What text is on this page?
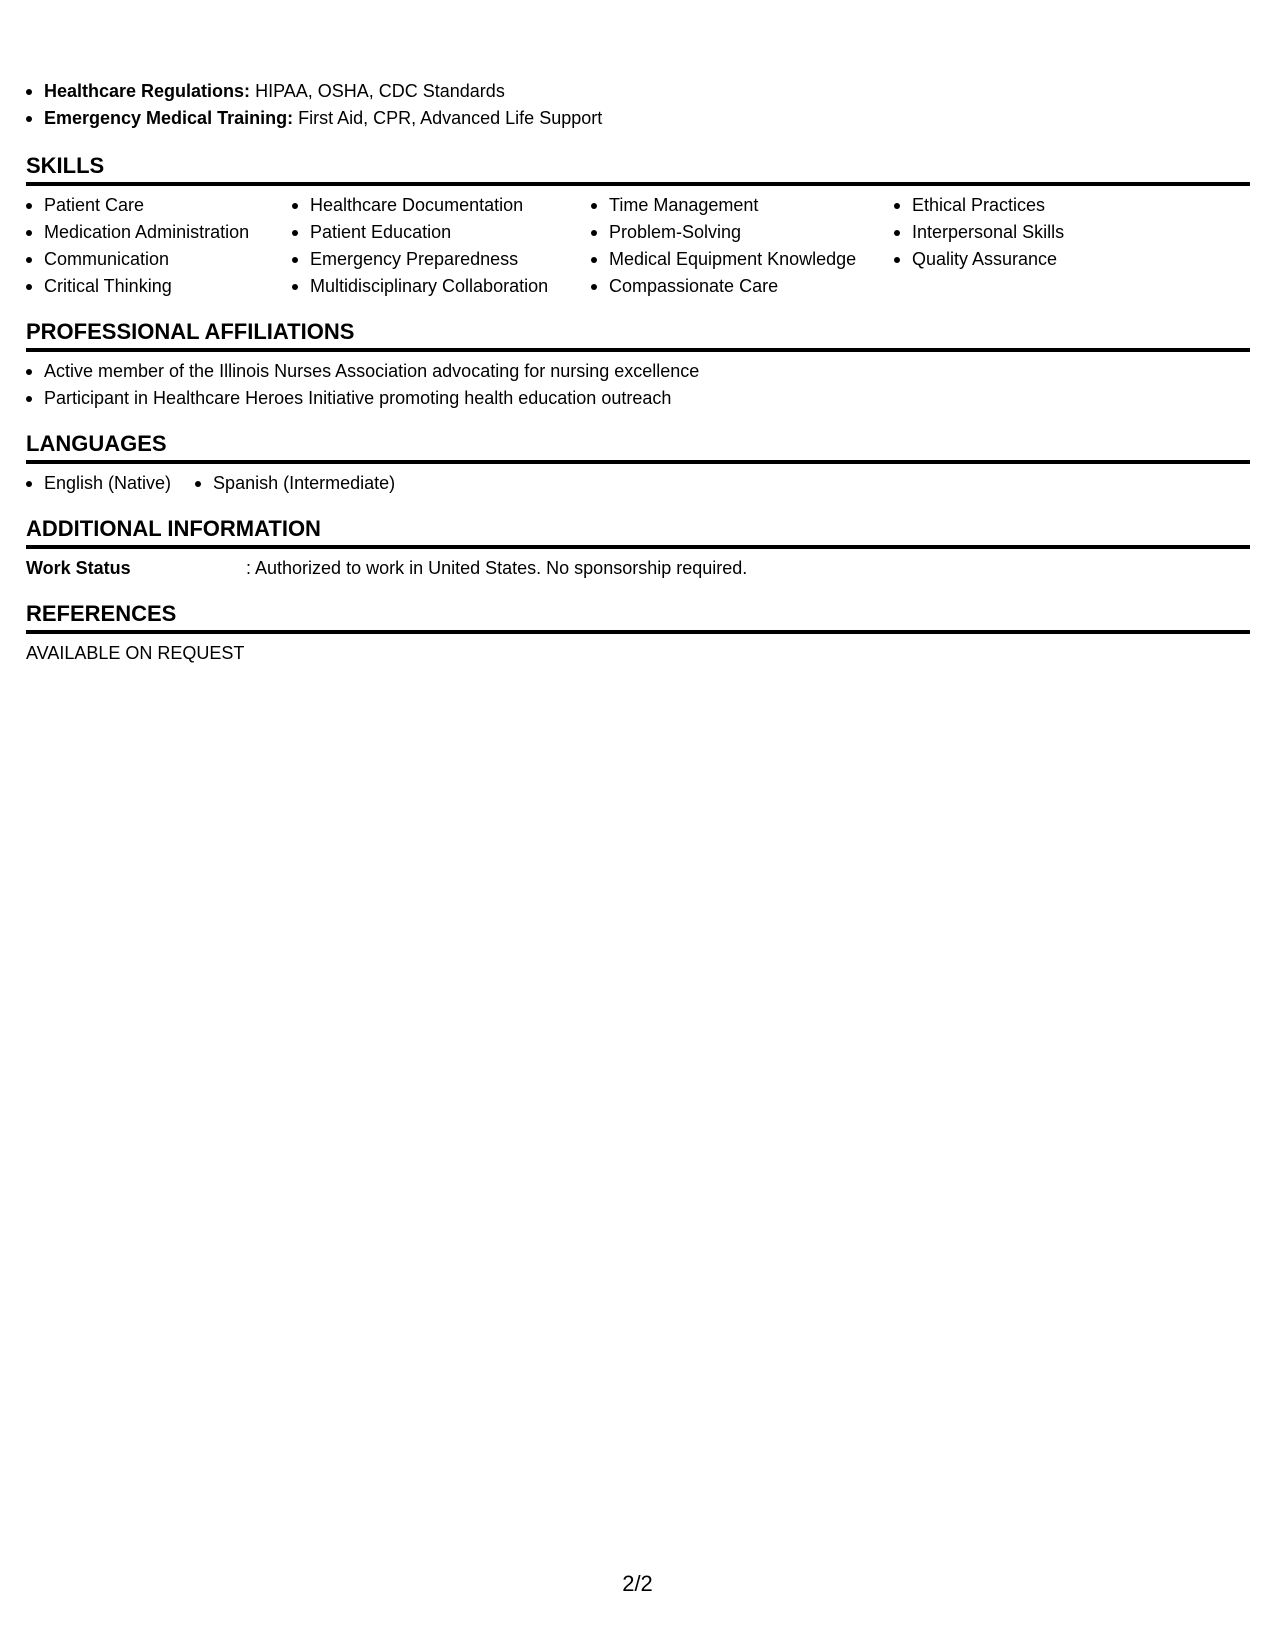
Healthcare Regulations: HIPAA, OSHA, CDC Standards
Emergency Medical Training: First Aid, CPR, Advanced Life Support
SKILLS
Patient Care
Medication Administration
Communication
Critical Thinking
Healthcare Documentation
Patient Education
Emergency Preparedness
Multidisciplinary Collaboration
Time Management
Problem-Solving
Medical Equipment Knowledge
Compassionate Care
Ethical Practices
Interpersonal Skills
Quality Assurance
PROFESSIONAL AFFILIATIONS
Active member of the Illinois Nurses Association advocating for nursing excellence
Participant in Healthcare Heroes Initiative promoting health education outreach
LANGUAGES
English (Native)	Spanish (Intermediate)
ADDITIONAL INFORMATION
Work Status	: Authorized to work in United States. No sponsorship required.
REFERENCES
AVAILABLE ON REQUEST
2/2
